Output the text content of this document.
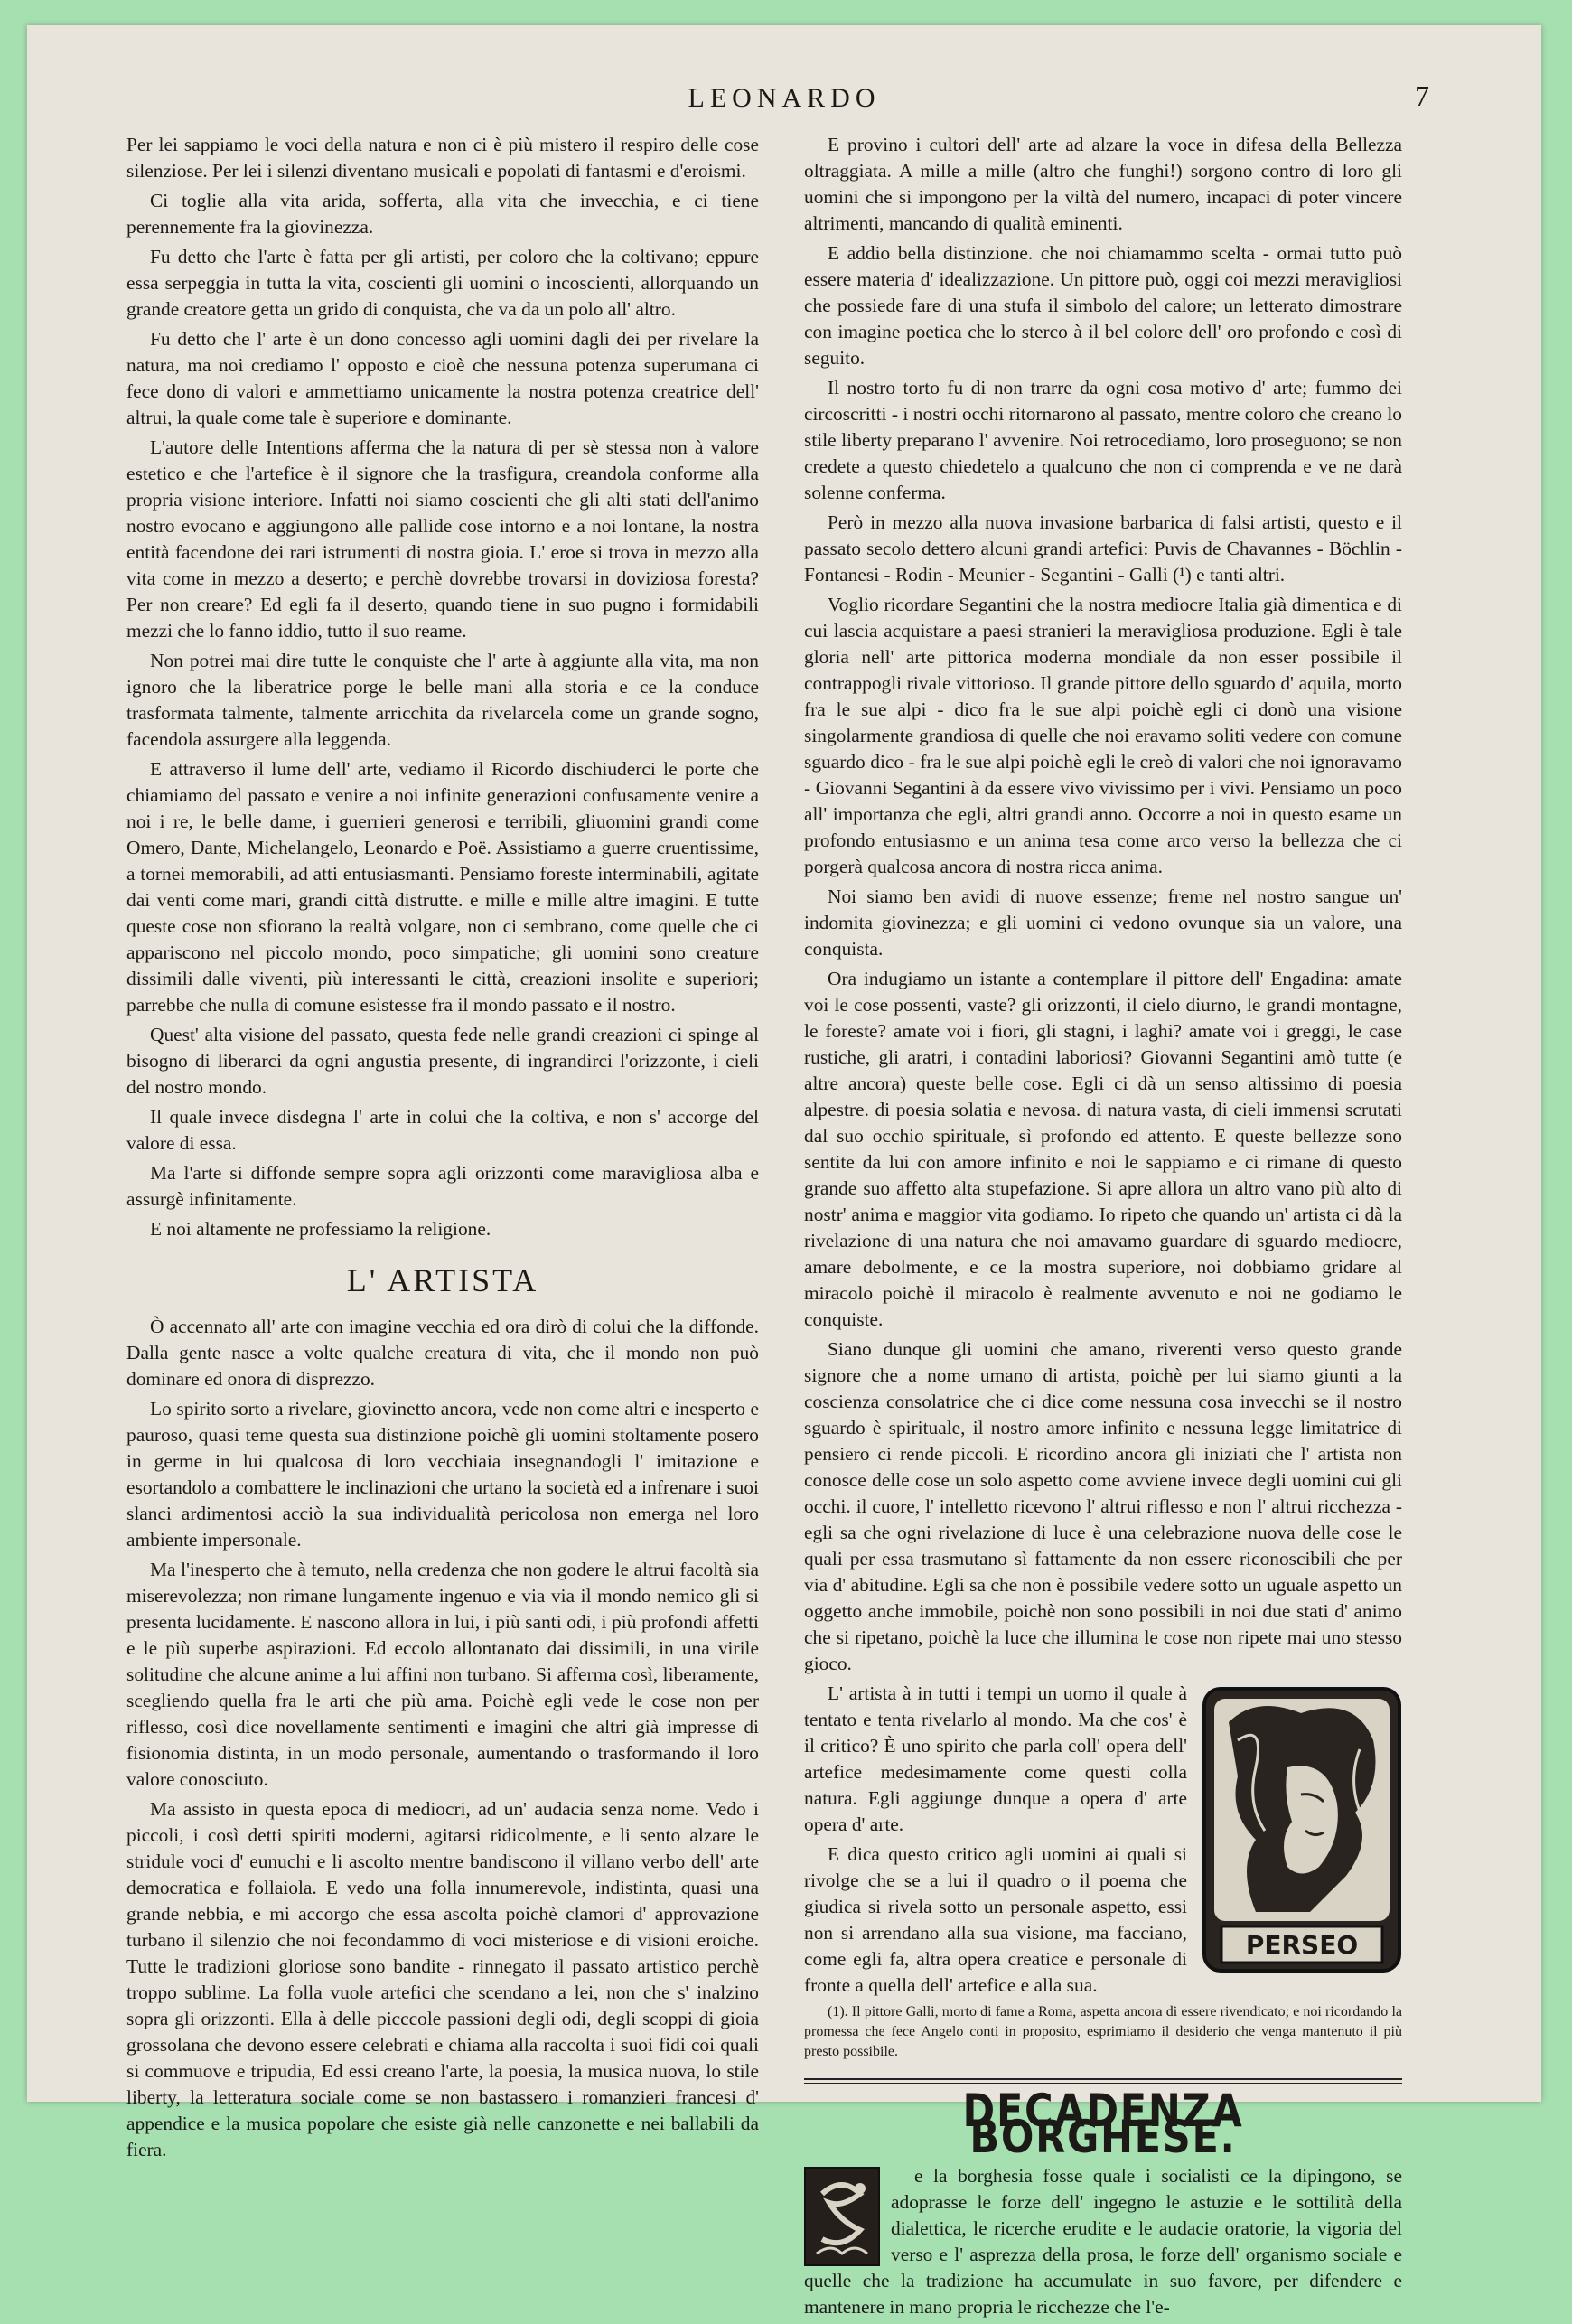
LEONARDO	7

Per lei sappiamo le voci della natura e non ci è più mistero il respiro delle cose silenziose. Per lei i silenzi diventano musicali e popolati di fantasmi e d'eroismi.

Ci toglie alla vita arida, sofferta, alla vita che invecchia, e ci tiene perennemente fra la giovinezza.

Fu detto che l'arte è fatta per gli artisti, per coloro che la coltivano; eppure essa serpeggia in tutta la vita, coscienti gli uomini o incoscienti, allorquando un grande creatore getta un grido di conquista, che va da un polo all' altro.

Fu detto che l' arte è un dono concesso agli uomini dagli dei per rivelare la natura, ma noi crediamo l' opposto e cioè che nessuna potenza superumana ci fece dono di valori e ammettiamo unicamente la nostra potenza creatrice dell' altrui, la quale come tale è superiore e dominante.

L'autore delle Intentions afferma che la natura di per sè stessa non à valore estetico e che l'artefice è il signore che la trasfigura, creandola conforme alla propria visione interiore. Infatti noi siamo coscienti che gli alti stati dell'animo nostro evocano e aggiungono alle pallide cose intorno e a noi lontane, la nostra entità facendone dei rari istrumenti di nostra gioia. L' eroe si trova in mezzo alla vita come in mezzo a deserto; e perchè dovrebbe trovarsi in doviziosa foresta? Per non creare? Ed egli fa il deserto, quando tiene in suo pugno i formidabili mezzi che lo fanno iddio, tutto il suo reame.

Non potrei mai dire tutte le conquiste che l' arte à aggiunte alla vita, ma non ignoro che la liberatrice porge le belle mani alla storia e ce la conduce trasformata talmente, talmente arricchita da rivelarcela come un grande sogno, facendola assurgere alla leggenda.

E attraverso il lume dell' arte, vediamo il Ricordo dischiuderci le porte che chiamiamo del passato e venire a noi infinite generazioni confusamente venire a noi i re, le belle dame, i guerrieri generosi e terribili, gliuomini grandi come Omero, Dante, Michelangelo, Leonardo e Poë. Assistiamo a guerre cruentissime, a tornei memorabili, ad atti entusiasmanti. Pensiamo foreste interminabili, agitate dai venti come mari, grandi città distrutte. e mille e mille altre imagini. E tutte queste cose non sfiorano la realtà volgare, non ci sembrano, come quelle che ci appariscono nel piccolo mondo, poco simpatiche; gli uomini sono creature dissimili dalle viventi, più interessanti le città, creazioni insolite e superiori; parrebbe che nulla di comune esistesse fra il mondo passato e il nostro.

Quest' alta visione del passato, questa fede nelle grandi creazioni ci spinge al bisogno di liberarci da ogni angustia presente, di ingrandirci l'orizzonte, i cieli del nostro mondo.

Il quale invece disdegna l' arte in colui che la coltiva, e non s' accorge del valore di essa.

Ma l'arte si diffonde sempre sopra agli orizzonti come maravigliosa alba e assurgè infinitamente.

E noi altamente ne professiamo la religione.

L' ARTISTA

Ò accennato all' arte con imagine vecchia ed ora dirò di colui che la diffonde. Dalla gente nasce a volte qualche creatura di vita, che il mondo non può dominare ed onora di disprezzo.

Lo spirito sorto a rivelare, giovinetto ancora, vede non come altri e inesperto e pauroso, quasi teme questa sua distinzione poichè gli uomini stoltamente posero in germe in lui qualcosa di loro vecchiaia insegnandogli l' imitazione e esortandolo a combattere le inclinazioni che urtano la società ed a infrenare i suoi slanci ardimentosi acciò la sua individualità pericolosa non emerga nel loro ambiente impersonale.

Ma l'inesperto che à temuto, nella credenza che non godere le altrui facoltà sia miserevolezza; non rimane lungamente ingenuo e via via il mondo nemico gli si presenta lucidamente. E nascono allora in lui, i più santi odi, i più profondi affetti e le più superbe aspirazioni. Ed eccolo allontanato dai dissimili, in una virile solitudine che alcune anime a lui affini non turbano. Si afferma così, liberamente, scegliendo quella fra le arti che più ama. Poichè egli vede le cose non per riflesso, così dice novellamente sentimenti e imagini che altri già impresse di fisionomia distinta, in un modo personale, aumentando o trasformando il loro valore conosciuto.

Ma assisto in questa epoca di mediocri, ad un' audacia senza nome. Vedo i piccoli, i così detti spiriti moderni, agitarsi ridicolmente, e li sento alzare le stridule voci d' eunuchi e li ascolto mentre bandiscono il villano verbo dell' arte democratica e follaiola. E vedo una folla innumerevole, indistinta, quasi una grande nebbia, e mi accorgo che essa ascolta poichè clamori d' approvazione turbano il silenzio che noi fecondammo di voci misteriose e di visioni eroiche. Tutte le tradizioni gloriose sono bandite - rinnegato il passato artistico perchè troppo sublime. La folla vuole artefici che scendano a lei, non che s' inalzino sopra gli orizzonti. Ella à delle picccole passioni degli odi, degli scoppi di gioia grossolana che devono essere celebrati e chiama alla raccolta i suoi fidi coi quali si commuove e tripudia, Ed essi creano l'arte, la poesia, la musica nuova, lo stile liberty, la letteratura sociale come se non bastassero i romanzieri francesi d' appendice e la musica popolare che esiste già nelle canzonette e nei ballabili da fiera.

E provino i cultori dell' arte ad alzare la voce in difesa della Bellezza oltraggiata. A mille a mille (altro che funghi!) sorgono contro di loro gli uomini che si impongono per la viltà del numero, incapaci di poter vincere altrimenti, mancando di qualità eminenti.

E addio bella distinzione. che noi chiamammo scelta - ormai tutto può essere materia d' idealizzazione. Un pittore può, oggi coi mezzi meravigliosi che possiede fare di una stufa il simbolo del calore; un letterato dimostrare con imagine poetica che lo sterco à il bel colore dell' oro profondo e così di seguito.

Il nostro torto fu di non trarre da ogni cosa motivo d' arte; fummo dei circoscritti - i nostri occhi ritornarono al passato, mentre coloro che creano lo stile liberty preparano l' avvenire. Noi retrocediamo, loro proseguono; se non credete a questo chiedetelo a qualcuno che non ci comprenda e ve ne darà solenne conferma.

Però in mezzo alla nuova invasione barbarica di falsi artisti, questo e il passato secolo dettero alcuni grandi artefici: Puvis de Chavannes - Böchlin - Fontanesi - Rodin - Meunier - Segantini - Galli (¹) e tanti altri.

Voglio ricordare Segantini che la nostra mediocre Italia già dimentica e di cui lascia acquistare a paesi stranieri la meravigliosa produzione. Egli è tale gloria nell' arte pittorica moderna mondiale da non esser possibile il contrappogli rivale vittorioso. Il grande pittore dello sguardo d' aquila, morto fra le sue alpi - dico fra le sue alpi poichè egli ci donò una visione singolarmente grandiosa di quelle che noi eravamo soliti vedere con comune sguardo dico - fra le sue alpi poichè egli le creò di valori che noi ignoravamo - Giovanni Segantini à da essere vivo vivissimo per i vivi. Pensiamo un poco all' importanza che egli, altri grandi anno. Occorre a noi in questo esame un profondo entusiasmo e un anima tesa come arco verso la bellezza che ci porgerà qualcosa ancora di nostra ricca anima.

Noi siamo ben avidi di nuove essenze; freme nel nostro sangue un' indomita giovinezza; e gli uomini ci vedono ovunque sia un valore, una conquista.

Ora indugiamo un istante a contemplare il pittore dell' Engadina: amate voi le cose possenti, vaste? gli orizzonti, il cielo diurno, le grandi montagne, le foreste? amate voi i fiori, gli stagni, i laghi? amate voi i greggi, le case rustiche, gli aratri, i contadini laboriosi? Giovanni Segantini amò tutte (e altre ancora) queste belle cose. Egli ci dà un senso altissimo di poesia alpestre. di poesia solatia e nevosa. di natura vasta, di cieli immensi scrutati dal suo occhio spirituale, sì profondo ed attento. E queste bellezze sono sentite da lui con amore infinito e noi le sappiamo e ci rimane di questo grande suo affetto alta stupefazione. Si apre allora un altro vano più alto di nostr' anima e maggior vita godiamo. Io ripeto che quando un' artista ci dà la rivelazione di una natura che noi amavamo guardare di sguardo mediocre, amare debolmente, e ce la mostra superiore, noi dobbiamo gridare al miracolo poichè il miracolo è realmente avvenuto e noi ne godiamo le conquiste.

Siano dunque gli uomini che amano, riverenti verso questo grande signore che a nome umano di artista, poichè per lui siamo giunti a la coscienza consolatrice che ci dice come nessuna cosa invecchi se il nostro sguardo è spirituale, il nostro amore infinito e nessuna legge limitatrice di pensiero ci rende piccoli. E ricordino ancora gli iniziati che l' artista non conosce delle cose un solo aspetto come avviene invece degli uomini cui gli occhi. il cuore, l' intelletto ricevono l' altrui riflesso e non l' altrui ricchezza - egli sa che ogni rivelazione di luce è una celebrazione nuova delle cose le quali per essa trasmutano sì fattamente da non essere riconoscibili che per via d' abitudine. Egli sa che non è possibile vedere sotto un uguale aspetto un oggetto anche immobile, poichè non sono possibili in noi due stati d' animo che si ripetano, poichè la luce che illumina le cose non ripete mai uno stesso gioco.

PERSEO

L' artista à in tutti i tempi un uomo il quale à tentato e tenta rivelarlo al mondo. Ma che cos' è il critico? È uno spirito che parla coll' opera dell' artefice medesimamente come questi colla natura. Egli aggiunge dunque a opera d' arte opera d' arte.

E dica questo critico agli uomini ai quali si rivolge che se a lui il quadro o il poema che giudica si rivela sotto un personale aspetto, essi non si arrendano alla sua visione, ma facciano, come egli fa, altra opera creatice e personale di fronte a quella dell' artefice e alla sua.

(1). Il pittore Galli, morto di fame a Roma, aspetta ancora di essere rivendicato; e noi ricordando la promessa che fece Angelo conti in proposito, esprimiamo il desiderio che venga mantenuto il più presto possibile.

DECADENZA BORGHESE.

e la borghesia fosse quale i socialisti ce la dipingono, se adoprasse le forze dell' ingegno le astuzie e le sottilità della dialettica, le ricerche erudite e le audacie oratorie, la vigoria del verso e l' asprezza della prosa, le forze dell' organismo sociale e quelle che la tradizione ha accumulate in suo favore, per difendere e mantenere in mano propria le ricchezze che l'e-
